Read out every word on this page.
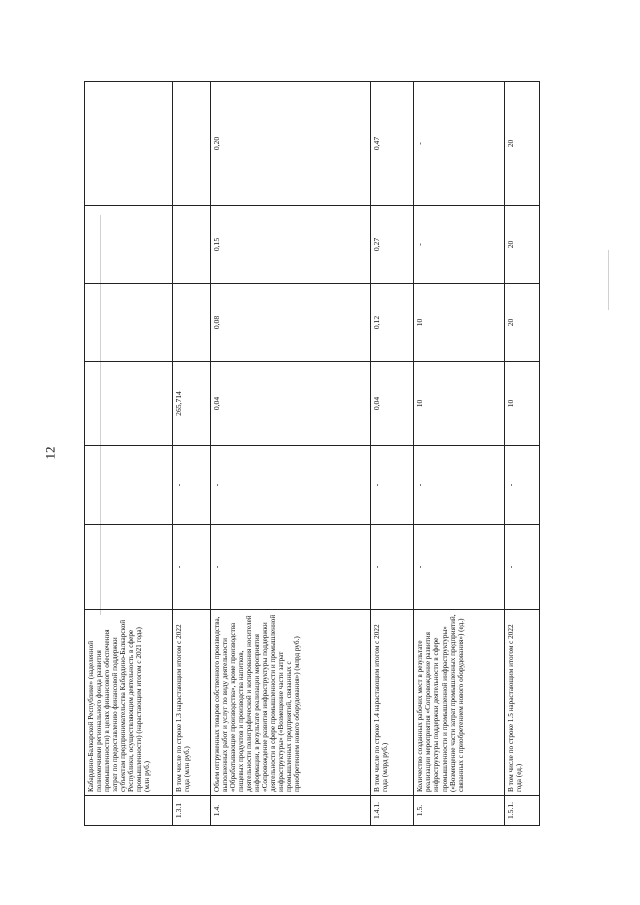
12
	Кабардино-Балкарской Республике» (наделенной полномочиями регионального фонда развития промышленности) в целях финансового обеспечения затрат по предоставлению финансовой поддержки субъектам предпринимательства Кабардино-Балкарской Республики, осуществляющим деятельность в сфере промышленности) (нарастающим итогом с 2021 года) (млн руб.)						
1.3.1	В том числе по строке 1.3 нарастающим итогом с 2022 года (млн руб.)	-	-	265,714			
1.4.	Объем отгруженных товаров собственного производства, выполненных работ и услуг по виду деятельности «Обрабатывающие производства», кроме производства пищевых продуктов и производства напитков, деятельности полиграфической и копирования носителей информации, в результате реализации мероприятия «Сопровождение развития инфраструктуры поддержки деятельности в сфере промышленности и промышленной инфраструктуры» («Возмещение части затрат промышленных предприятий, связанных с приобретением нового оборудования») (млрд руб.)	-	-	0,04	0,08	0,15	0,20
1.4.1.	В том числе по строке 1.4 нарастающим итогом с 2022 года (млрд руб.)	-	-	0,04	0,12	0,27	0,47
1.5.	Количество созданных рабочих мест в результате реализации мероприятия «Сопровождение развития инфраструктуры поддержки деятельности в сфере промышленности и промышленной инфраструктуры» («Возмещение части затрат промышленных предприятий, связанных с приобретением нового оборудования») (ед.)	-	-	10	10	-	-
1.5.1.	В том числе по строке 1.5 нарастающим итогом с 2022 года (ед.)	-	-	10	20	20	20
